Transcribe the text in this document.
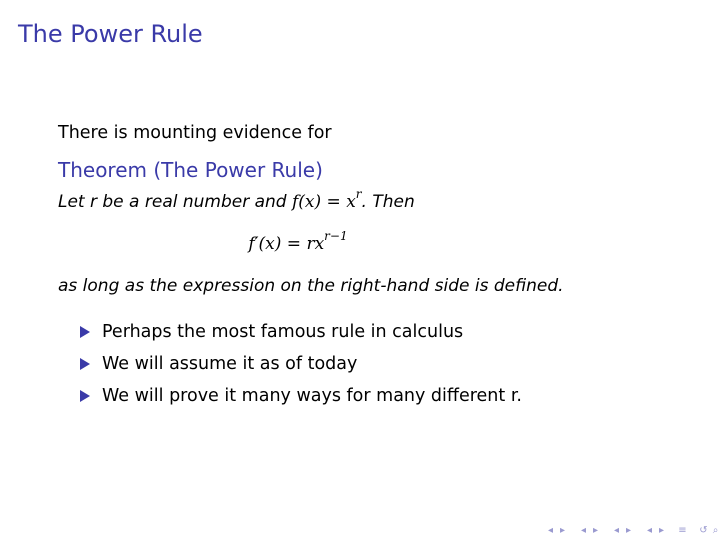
The Power Rule

There is mounting evidence for

Theorem (The Power Rule)
Let r be a real number and $f(x) = x^r$. Then
$f'(x) = rx^{r-1}$
as long as the expression on the right-hand side is defined.
Perhaps the most famous rule in calculus
We will assume it as of today
We will prove it many ways for many different r.
◂ ▸ ◂ ▸ ◂ ▸ ◂ ▸ ≡ ↺ ⌕
